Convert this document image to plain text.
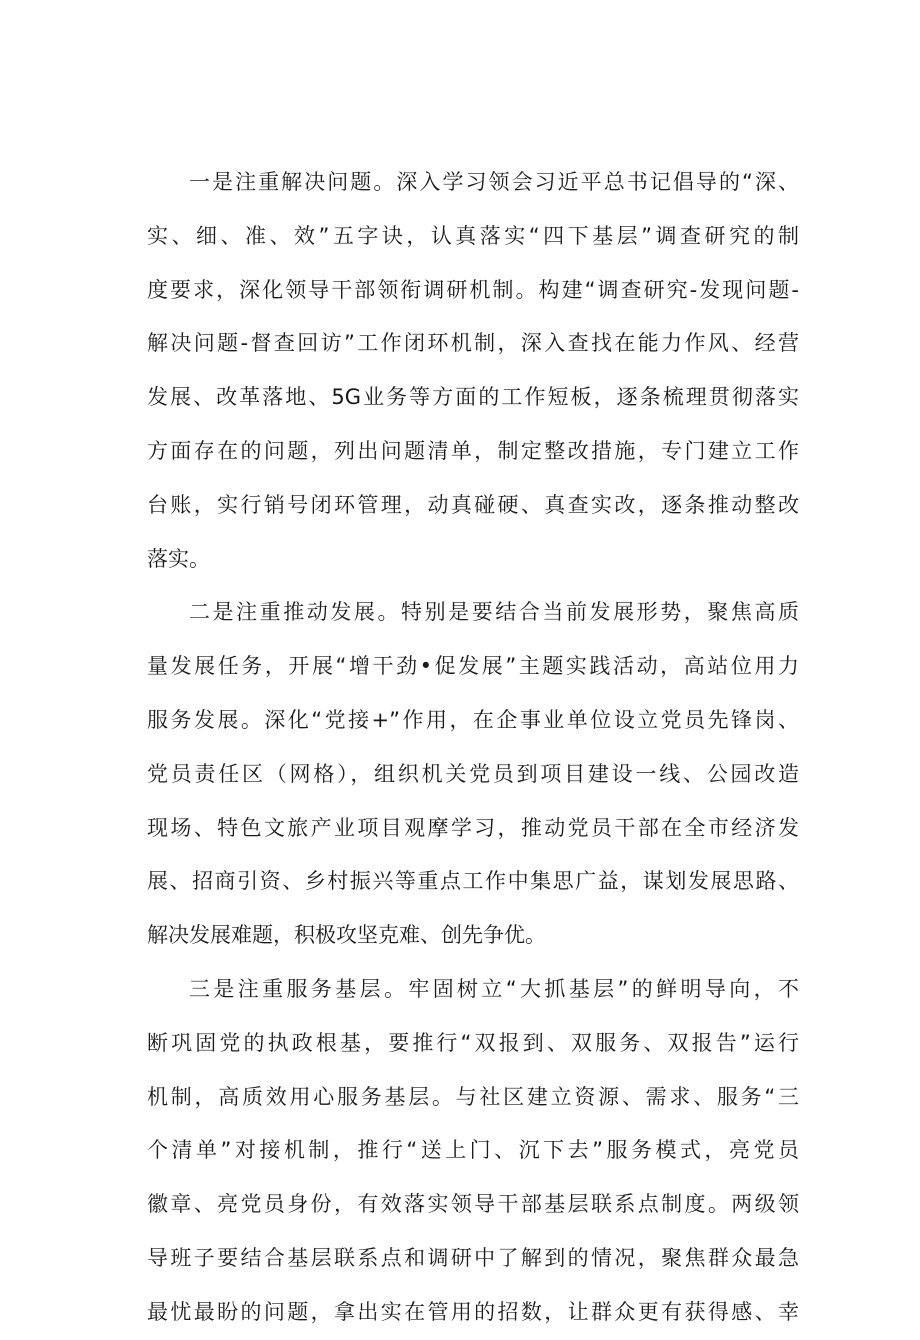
一是注重解决问题。深入学习领会习近平总书记倡导的“深、
实、细、准、效”五字诀，认真落实“四下基层”调查研究的制
度要求，深化领导干部领衔调研机制。构建“调查研究-发现问题-
解决问题-督查回访”工作闭环机制，深入查找在能力作风、经营
发展、改革落地、5G业务等方面的工作短板，逐条梳理贯彻落实
方面存在的问题，列出问题清单，制定整改措施，专门建立工作
台账，实行销号闭环管理，动真碰硬、真查实改，逐条推动整改
落实。
二是注重推动发展。特别是要结合当前发展形势，聚焦高质
量发展任务，开展“增干劲•促发展”主题实践活动，高站位用力
服务发展。深化“党接+”作用，在企事业单位设立党员先锋岗、
党员责任区（网格），组织机关党员到项目建设一线、公园改造
现场、特色文旅产业项目观摩学习，推动党员干部在全市经济发
展、招商引资、乡村振兴等重点工作中集思广益，谋划发展思路、
解决发展难题，积极攻坚克难、创先争优。
三是注重服务基层。牢固树立“大抓基层”的鲜明导向，不
断巩固党的执政根基，要推行“双报到、双服务、双报告”运行
机制，高质效用心服务基层。与社区建立资源、需求、服务“三
个清单”对接机制，推行“送上门、沉下去”服务模式，亮党员
徽章、亮党员身份，有效落实领导干部基层联系点制度。两级领
导班子要结合基层联系点和调研中了解到的情况，聚焦群众最急
最忧最盼的问题，拿出实在管用的招数，让群众更有获得感、幸
